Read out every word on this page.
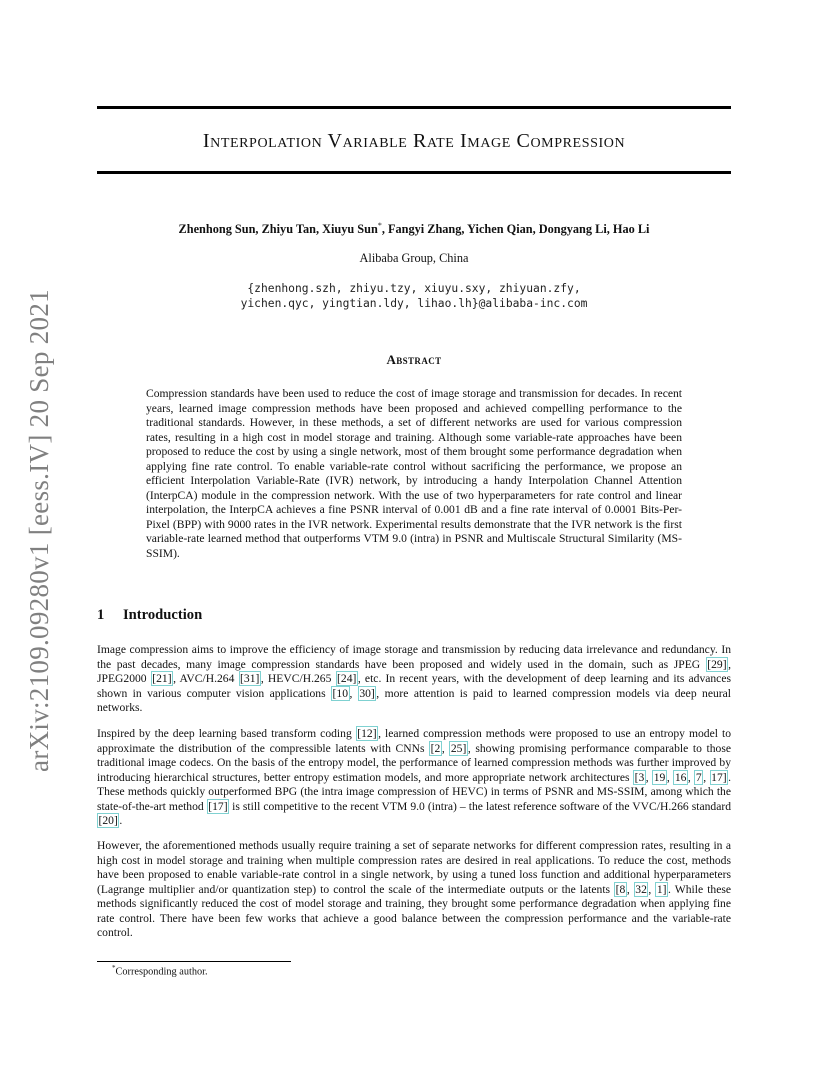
arXiv:2109.09280v1 [eess.IV] 20 Sep 2021
Interpolation Variable Rate Image Compression
Zhenhong Sun, Zhiyu Tan, Xiuyu Sun*, Fangyi Zhang, Yichen Qian, Dongyang Li, Hao Li
Alibaba Group, China
{zhenhong.szh, zhiyu.tzy, xiuyu.sxy, zhiyuan.zfy,
yichen.qyc, yingtian.ldy, lihao.lh}@alibaba-inc.com
Abstract

Compression standards have been used to reduce the cost of image storage and transmission for decades. In recent years, learned image compression methods have been proposed and achieved compelling performance to the traditional standards. However, in these methods, a set of different networks are used for various compression rates, resulting in a high cost in model storage and training. Although some variable-rate approaches have been proposed to reduce the cost by using a single network, most of them brought some performance degradation when applying fine rate control. To enable variable-rate control without sacrificing the performance, we propose an efficient Interpolation Variable-Rate (IVR) network, by introducing a handy Interpolation Channel Attention (InterpCA) module in the compression network. With the use of two hyperparameters for rate control and linear interpolation, the InterpCA achieves a fine PSNR interval of 0.001 dB and a fine rate interval of 0.0001 Bits-Per-Pixel (BPP) with 9000 rates in the IVR network. Experimental results demonstrate that the IVR network is the first variable-rate learned method that outperforms VTM 9.0 (intra) in PSNR and Multiscale Structural Similarity (MS-SSIM).

1 Introduction

Image compression aims to improve the efficiency of image storage and transmission by reducing data irrelevance and redundancy. In the past decades, many image compression standards have been proposed and widely used in the domain, such as JPEG [29] , JPEG2000 [21] , AVC/H.264 [31] , HEVC/H.265 [24] , etc. In recent years, with the development of deep learning and its advances shown in various computer vision applications [10 , 30] , more attention is paid to learned compression models via deep neural networks.

Inspired by the deep learning based transform coding [12] , learned compression methods were proposed to use an entropy model to approximate the distribution of the compressible latents with CNNs [2 , 25] , showing promising performance comparable to those traditional image codecs. On the basis of the entropy model, the performance of learned compression methods was further improved by introducing hierarchical structures, better entropy estimation models, and more appropriate network architectures [3 , 19 , 16 , 7 , 17] . These methods quickly outperformed BPG (the intra image compression of HEVC) in terms of PSNR and MS-SSIM, among which the state-of-the-art method [17] is still competitive to the recent VTM 9.0 (intra) – the latest reference software of the VVC/H.266 standard [20] .

However, the aforementioned methods usually require training a set of separate networks for different compression rates, resulting in a high cost in model storage and training when multiple compression rates are desired in real applications. To reduce the cost, methods have been proposed to enable variable-rate control in a single network, by using a tuned loss function and additional hyperparameters (Lagrange multiplier and/or quantization step) to control the scale of the intermediate outputs or the latents [8 , 32 , 1] . While these methods significantly reduced the cost of model storage and training, they brought some performance degradation when applying fine rate control. There have been few works that achieve a good balance between the compression performance and the variable-rate control.

*Corresponding author.
